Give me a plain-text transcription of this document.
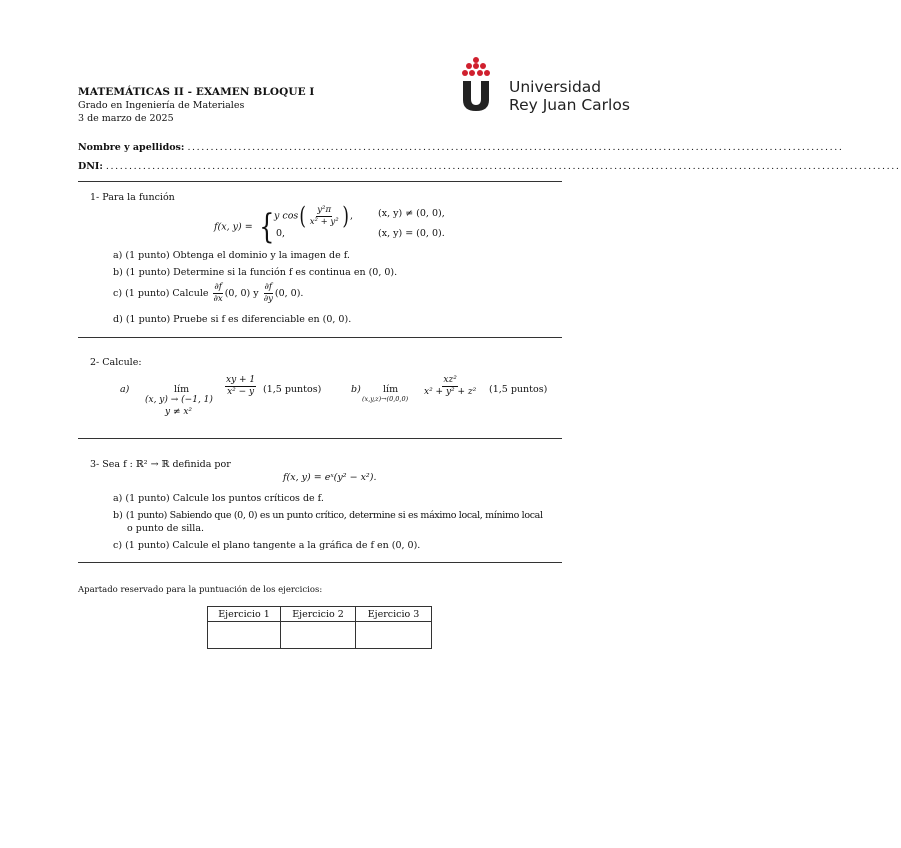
MATEMÁTICAS II - EXAMEN BLOQUE I
Grado en Ingeniería de Materiales
3 de marzo de 2025
Universidad
Rey Juan Carlos
Nombre y apellidos: ..............................................................................................................................................
DNI: ............................................................................................................................................................................
1- Para la función
f(x, y) = { y $\cos( \frac{\text{y²π}}{\text{x² + y²}}$ ),	(x, y) ≠ (0, 0),
0,	(x, y) = (0, 0).
a) (1 punto) Obtenga el dominio y la imagen de f.
b) (1 punto) Determine si la función f es continua en (0, 0).
c) (1 punto) Calcule $\frac{\partial f}{\partial x} (0$, 0) y $\frac{\partial f}{\partial y} (0$, 0).
d) (1 punto) Pruebe si f es diferenciable en (0, 0).
2- Calcule:
a)	lím
(x, y) → (−1, 1)
y ≠ x²
$\frac{xy + 1}{\text{x² − y}} (1,5$ puntos)	b) lím
(x,y,z)→(0,0,0)
$\frac{\text{xz²}}{\text{x² + y² + z²}} (1,5$ puntos)
3- Sea f : ℝ² → ℝ definida por
f(x, y) = eˣ(y² − x²).
a) (1 punto) Calcule los puntos críticos de f.
b) (1 punto) Sabiendo que (0, 0) es un punto crítico, determine si es máximo local, mínimo local
o punto de silla.
c) (1 punto) Calcule el plano tangente a la gráfica de f en (0, 0).
Apartado reservado para la puntuación de los ejercicios:
Ejercicio 1	Ejercicio 2	Ejercicio 3
